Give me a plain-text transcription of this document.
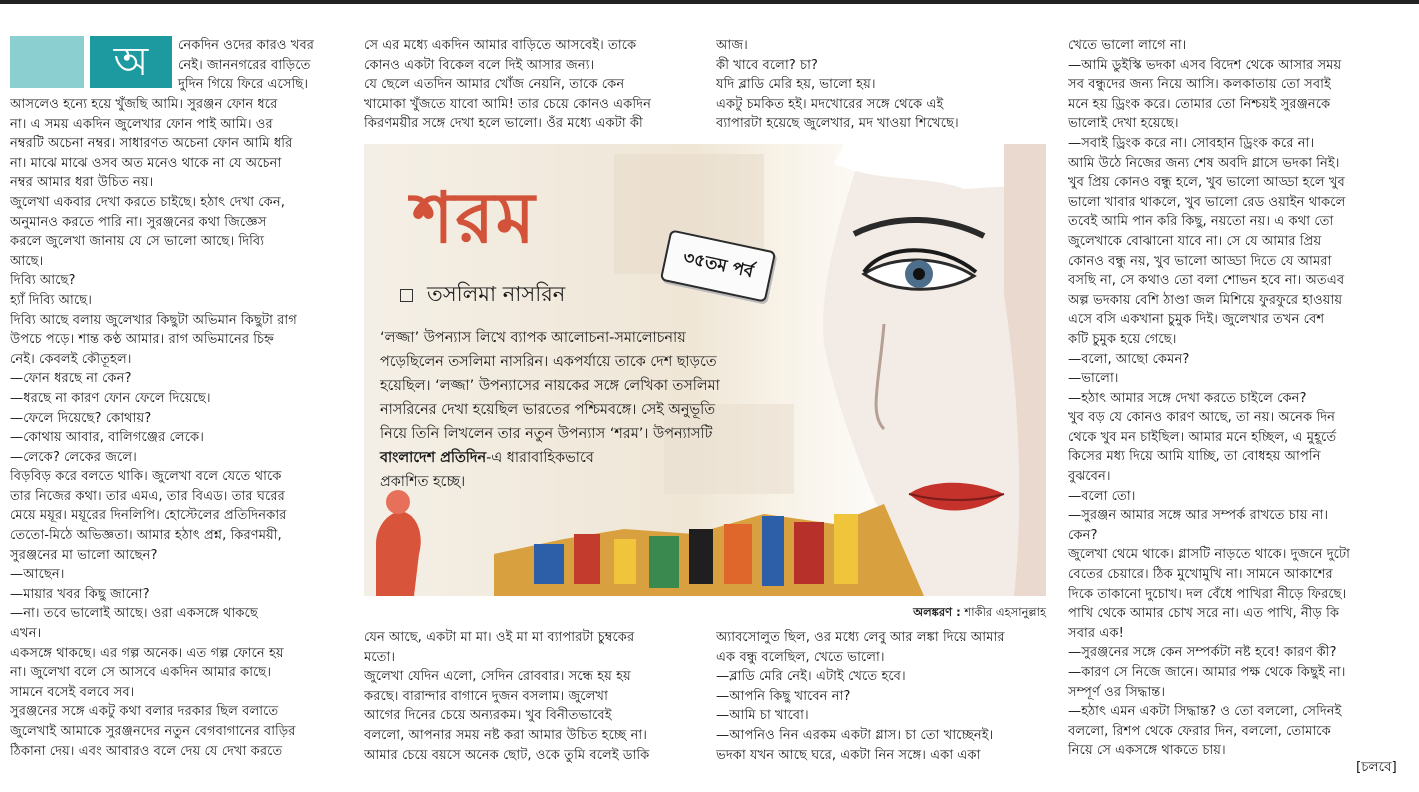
অ	নেকদিন ওদের কারও খবর

নেই। জাননগরের বাড়িতে

দুদিন গিয়ে ফিরে এসেছি।

আসলেও হন্যে হয়ে খুঁজছি আমি। সুরঞ্জন ফোন ধরে

না। এ সময় একদিন জুলেখার ফোন পাই আমি। ওর

নম্বরটি অচেনা নম্বর। সাধারণত অচেনা ফোন আমি ধরি

না। মাঝে মাঝে ওসব অত মনেও থাকে না যে অচেনা

নম্বর আমার ধরা উচিত নয়।

জুলেখা একবার দেখা করতে চাইছে। হঠাৎ দেখা কেন,

অনুমানও করতে পারি না। সুরঞ্জনের কথা জিজ্ঞেস

করলে জুলেখা জানায় যে সে ভালো আছে। দিব্যি

আছে।

দিব্যি আছে?

হ্যাঁ দিব্যি আছে।

দিব্যি আছে বলায় জুলেখার কিছুটা অভিমান কিছুটা রাগ

উপচে পড়ে। শান্ত কণ্ঠ আমার। রাগ অভিমানের চিহ্ন

নেই। কেবলই কৌতূহল।

—ফোন ধরছে না কেন?

—ধরছে না কারণ ফোন ফেলে দিয়েছে।

—ফেলে দিয়েছে? কোথায়?

—কোথায় আবার, বালিগঞ্জের লেকে।

—লেকে? লেকের জলে।

বিড়বিড় করে বলতে থাকি। জুলেখা বলে যেতে থাকে

তার নিজের কথা। তার এমএ, তার বিএড। তার ঘরের

মেয়ে ময়ূর। ময়ূরের দিনলিপি। হোস্টেলের প্রতিদিনকার

তেতো-মিঠে অভিজ্ঞতা। আমার হঠাৎ প্রশ্ন, কিরণময়ী,

সুরঞ্জনের মা ভালো আছেন?

—আছেন।

—মায়ার খবর কিছু জানো?

—না। তবে ভালোই আছে। ওরা একসঙ্গে থাকছে

এখন।

একসঙ্গে থাকছে। এর গল্প অনেক। এত গল্প ফোনে হয়

না। জুলেখা বলে সে আসবে একদিন আমার কাছে।

সামনে বসেই বলবে সব।

সুরঞ্জনের সঙ্গে একটু কথা বলার দরকার ছিল বলাতে

জুলেখাই আমাকে সুরঞ্জনদের নতুন বেগবাগানের বাড়ির

ঠিকানা দেয়। এবং আবারও বলে দেয় যে দেখা করতে

সে এর মধ্যে একদিন আমার বাড়িতে আসবেই। তাকে

কোনও একটা বিকেল বলে দিই আসার জন্য।

যে ছেলে এতদিন আমার খোঁজ নেয়নি, তাকে কেন

খামোকা খুঁজতে যাবো আমি! তার চেয়ে কোনও একদিন

কিরণময়ীর সঙ্গে দেখা হলে ভালো। ওঁর মধ্যে একটা কী

আজ।

কী খাবে বলো? চা?

যদি ব্লাডি মেরি হয়, ভালো হয়।

একটু চমকিত হই। মদখোরের সঙ্গে থেকে এই

ব্যাপারটা হয়েছে জুলেখার, মদ খাওয়া শিখেছে।

শরম
৩৫তম পর্ব
তসলিমা নাসরিন

‘লজ্জা’ উপন্যাস লিখে ব্যাপক আলোচনা-সমালোচনায়

পড়েছিলেন তসলিমা নাসরিন। একপর্যায়ে তাকে দেশ ছাড়তে

হয়েছিল। ‘লজ্জা’ উপন্যাসের নায়কের সঙ্গে লেখিকা তসলিমা

নাসরিনের দেখা হয়েছিল ভারতের পশ্চিমবঙ্গে। সেই অনুভূতি

নিয়ে তিনি লিখলেন তার নতুন উপন্যাস ‘শরম’। উপন্যাসটি

বাংলাদেশ প্রতিদিন-এ ধারাবাহিকভাবে

প্রকাশিত হচ্ছে।

অলঙ্করণ : শাকীর এহসানুল্লাহ

যেন আছে, একটা মা মা। ওই মা মা ব্যাপারটা চুম্বকের

মতো।

জুলেখা যেদিন এলো, সেদিন রোববার। সন্ধে হয় হয়

করছে। বারান্দার বাগানে দুজন বসলাম। জুলেখা

আগের দিনের চেয়ে অন্যরকম। খুব বিনীতভাবেই

বললো, আপনার সময় নষ্ট করা আমার উচিত হচ্ছে না।

আমার চেয়ে বয়সে অনেক ছোট, ওকে তুমি বলেই ডাকি

অ্যাবসোলুত ছিল, ওর মধ্যে লেবু আর লঙ্কা দিয়ে আমার

এক বন্ধু বলেছিল, খেতে ভালো।

—ব্লাডি মেরি নেই। এটাই খেতে হবে।

—আপনি কিছু খাবেন না?

—আমি চা খাবো।

—আপনিও নিন এরকম একটা গ্লাস। চা তো খাচ্ছেনই।

ভদকা যখন আছে ঘরে, একটা নিন সঙ্গে। একা একা

খেতে ভালো লাগে না।

—আমি ডুইস্কি ভদকা এসব বিদেশ থেকে আসার সময়

সব বন্ধুদের জন্য নিয়ে আসি। কলকাতায় তো সবাই

মনে হয় ড্রিংক করে। তোমার তো নিশ্চয়ই সুরঞ্জনকে

ভালোই দেখা হয়েছে।

—সবাই ড্রিংক করে না। সোবহান ড্রিংক করে না।

আমি উঠে নিজের জন্য শেষ অবদি গ্লাসে ভদকা নিই।

খুব প্রিয় কোনও বন্ধু হলে, খুব ভালো আড্ডা হলে খুব

ভালো খাবার থাকলে, খুব ভালো রেড ওয়াইন থাকলে

তবেই আমি পান করি কিছু, নয়তো নয়। এ কথা তো

জুলেখাকে বোঝানো যাবে না। সে যে আমার প্রিয়

কোনও বন্ধু নয়, খুব ভালো আড্ডা দিতে যে আমরা

বসছি না, সে কথাও তো বলা শোভন হবে না। অতএব

অল্প ভদকায় বেশি ঠাণ্ডা জল মিশিয়ে ফুরফুরে হাওয়ায়

এসে বসি একখানা চুমুক দিই। জুলেখার তখন বেশ

কটি চুমুক হয়ে গেছে।

—বলো, আছো কেমন?

—ভালো।

—হঠাৎ আমার সঙ্গে দেখা করতে চাইলে কেন?

খুব বড় যে কোনও কারণ আছে, তা নয়। অনেক দিন

থেকে খুব মন চাইছিল। আমার মনে হচ্ছিল, এ মুহূর্তে

কিসের মধ্য দিয়ে আমি যাচ্ছি, তা বোধহয় আপনি

বুঝবেন।

—বলো তো।

—সুরঞ্জন আমার সঙ্গে আর সম্পর্ক রাখতে চায় না।

কেন?

জুলেখা থেমে থাকে। গ্লাসটি নাড়তে থাকে। দুজনে দুটো

বেতের চেয়ারে। ঠিক মুখোমুখি না। সামনে আকাশের

দিকে তাকানো দুচোখ। দল বেঁধে পাখিরা নীড়ে ফিরছে।

পাখি থেকে আমার চোখ সরে না। এত পাখি, নীড় কি

সবার এক!

—সুরঞ্জনের সঙ্গে কেন সম্পর্কটা নষ্ট হবে! কারণ কী?

—কারণ সে নিজে জানে। আমার পক্ষ থেকে কিছুই না।

সম্পূর্ণ ওর সিদ্ধান্ত।

—হঠাৎ এমন একটা সিদ্ধান্ত? ও তো বললো, সেদিনই

বললো, রিশপ থেকে ফেরার দিন, বললো, তোমাকে

নিয়ে সে একসঙ্গে থাকতে চায়।

[চলবে]
